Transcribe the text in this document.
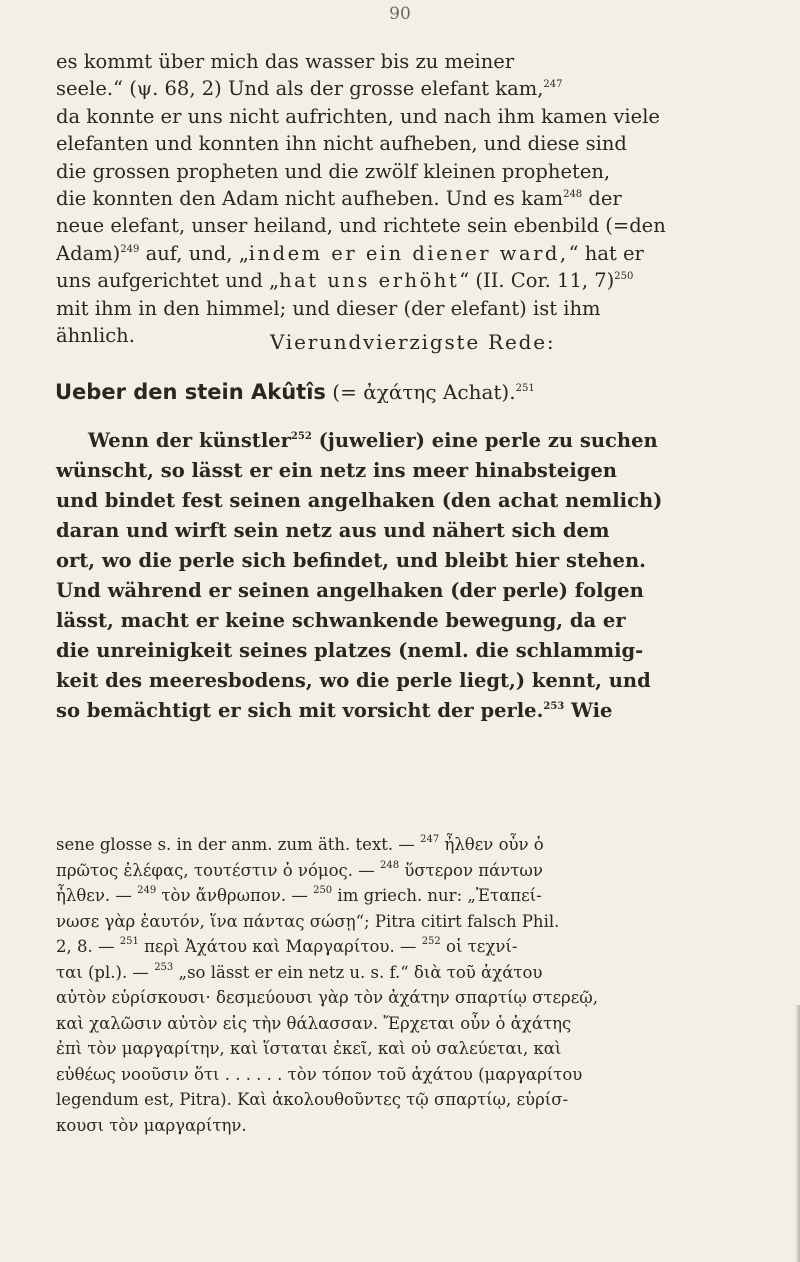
90

es kommt über mich das wasser bis zu meiner

seele.“ (ψ. 68, 2) Und als der grosse elefant kam,$^{247}$

da konnte er uns nicht aufrichten, und nach ihm kamen viele

elefanten und konnten ihn nicht aufheben, und diese sind

die grossen propheten und die zwölf kleinen propheten,

die konnten den Adam nicht aufheben. Und es kam$^{248}$ der

neue elefant, unser heiland, und richtete sein ebenbild (=den

Adam)$^{249}$ auf, und, „indem er ein diener ward,“ hat er

uns aufgerichtet und „hat uns erhöht“ (II. Cor. 11, 7)$^{250}$

mit ihm in den himmel; und dieser (der elefant) ist ihm

ähnlich.	Vierundvierzigste Rede:
Ueber den stein Akûtîs (= ἀχάτης Achat).$^{251}$

Wenn der künstler$^{252}$ (juwelier) eine perle zu suchen

wünscht, so lässt er ein netz ins meer hinabsteigen

und bindet fest seinen angelhaken (den achat nemlich)

daran und wirft sein netz aus und nähert sich dem

ort, wo die perle sich befindet, und bleibt hier stehen.

Und während er seinen angelhaken (der perle) folgen

lässt, macht er keine schwankende bewegung, da er

die unreinigkeit seines platzes (neml. die schlammig-

keit des meeresbodens, wo die perle liegt,) kennt, und

so bemächtigt er sich mit vorsicht der perle.$^{253}$ Wie

sene glosse s. in der anm. zum äth. text. — $^{247}$ ἦλθεν οὖν ὁ

πρῶτος ἐλέφας, τουτέστιν ὁ νόμος. — $^{248}$ ὕστερον πάντων

ἦλθεν. — $^{249}$ τὸν ἄνθρωπον. — $^{250}$ im griech. nur: „Ἐταπεί-

νωσε γὰρ ἑαυτόν, ἵνα πάντας σώσῃ“; Pitra citirt falsch Phil.

2, 8. — $^{251}$ περὶ Ἀχάτου καὶ Μαργαρίτου. — $^{252}$ οἱ τεχνί-

ται (pl.). — $^{253}$ „so lässt er ein netz u. s. f.“ διὰ τοῦ ἀχάτου

αὐτὸν εὑρίσκουσι· δεσμεύουσι γὰρ τὸν ἀχάτην σπαρτίῳ στερεῷ,

καὶ χαλῶσιν αὐτὸν εἰς τὴν θάλασσαν. Ἔρχεται οὖν ὁ ἀχάτης

ἐπὶ τὸν μαργαρίτην, καὶ ἵσταται ἐκεῖ, καὶ οὐ σαλεύεται, καὶ

εὐθέως νοοῦσιν ὅτι . . . . . . τὸν τόπον τοῦ ἀχάτου (μαργαρίτου

legendum est, Pitra). Καὶ ἀκολουθοῦντες τῷ σπαρτίῳ, εὑρίσ-

κουσι τὸν μαργαρίτην.
